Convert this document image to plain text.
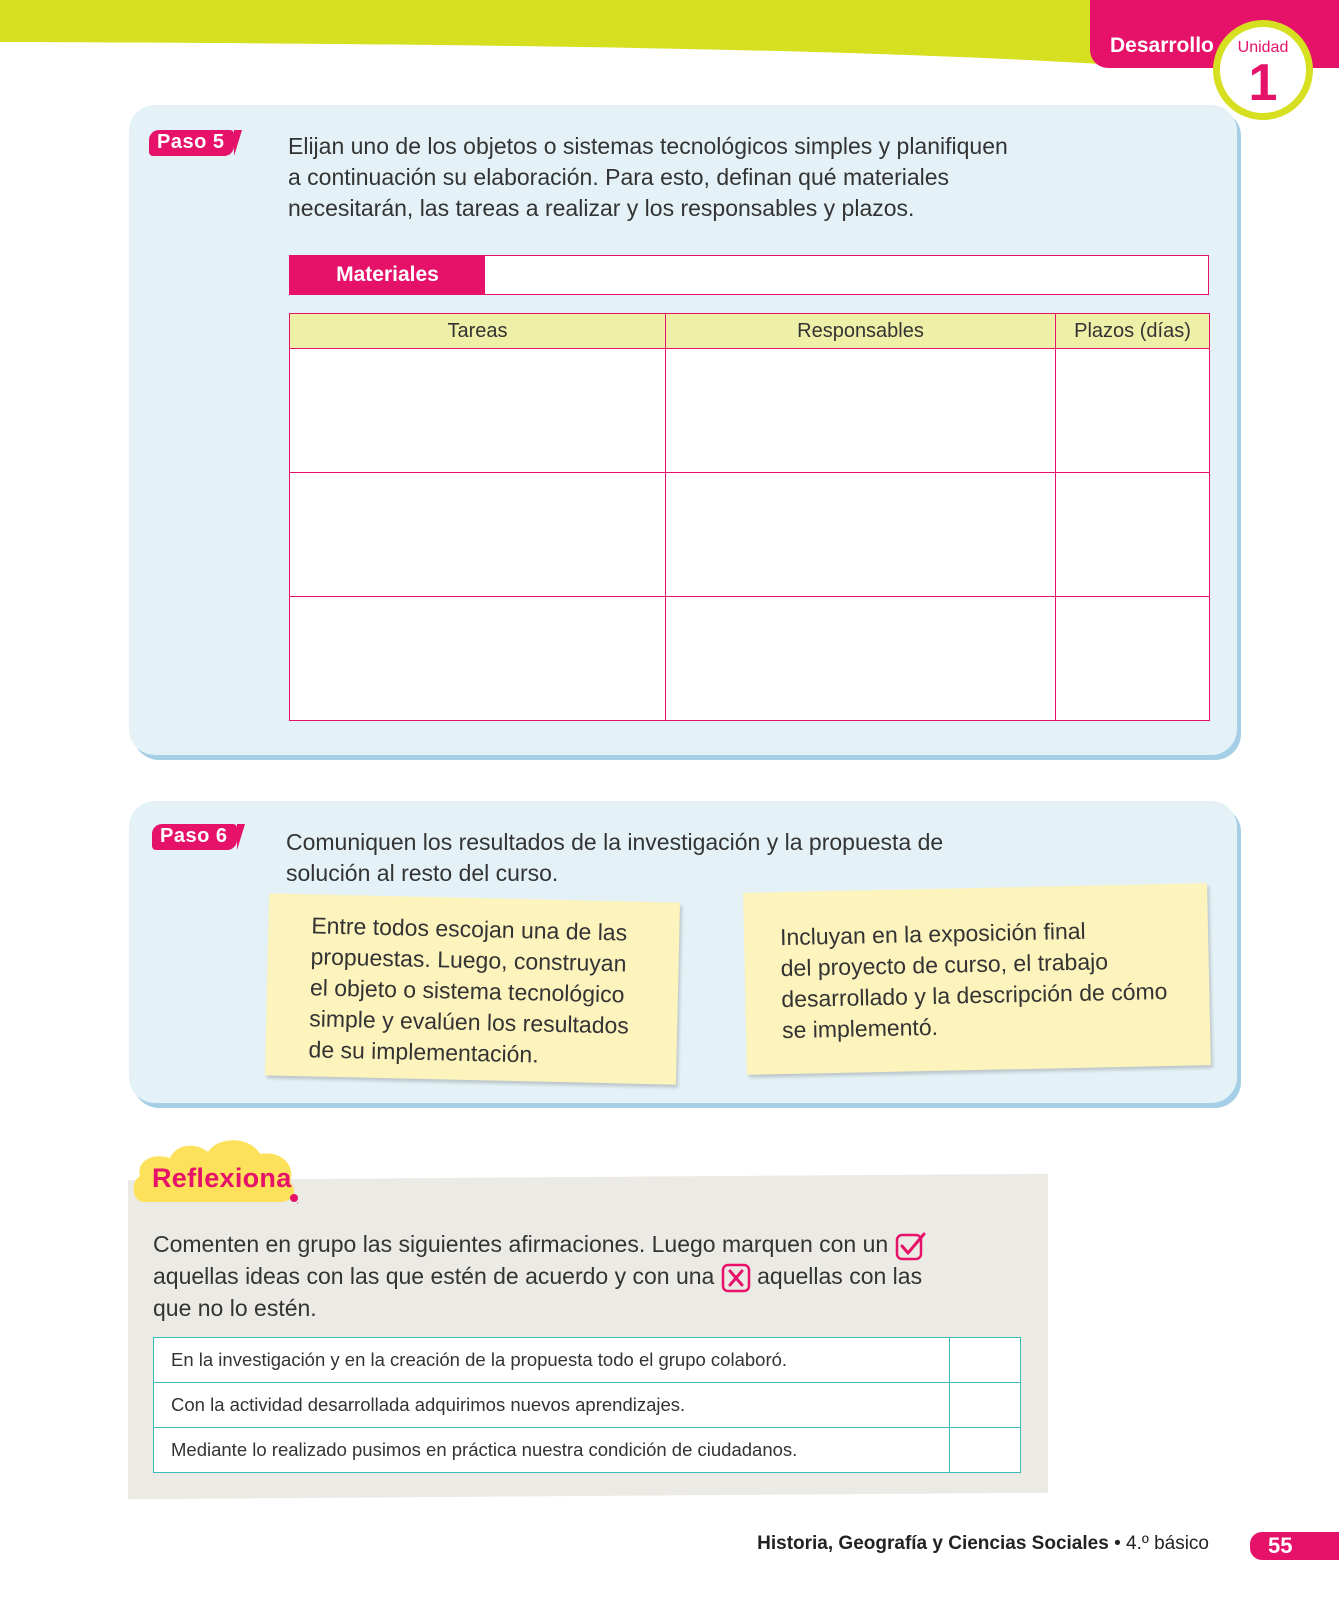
Desarrollo	Unidad
1
Paso 5	Elijan uno de los objetos o sistemas tecnológicos simples y planifiquen
a continuación su elaboración. Para esto, definan qué materiales
necesitarán, las tareas a realizar y los responsables y plazos.
Materiales
Tareas	Responsables	Plazos (días)

Paso 6	Comuniquen los resultados de la investigación y la propuesta de
solución al resto del curso.
Entre todos escojan una de las
propuestas. Luego, construyan
el objeto o sistema tecnológico
simple y evalúen los resultados
de su implementación.
Incluyan en la exposición final
del proyecto de curso, el trabajo
desarrollado y la descripción de cómo
se implementó.
Reflexiona
Comenten en grupo las siguientes afirmaciones. Luego marquen con un
aquellas ideas con las que estén de acuerdo y con una ☒ aquellas con las
que no lo estén.
En la investigación y en la creación de la propuesta todo el grupo colaboró.	
Con la actividad desarrollada adquirimos nuevos aprendizajes.	
Mediante lo realizado pusimos en práctica nuestra condición de ciudadanos.	
Historia, Geografía y Ciencias Sociales • 4.º básico	55
